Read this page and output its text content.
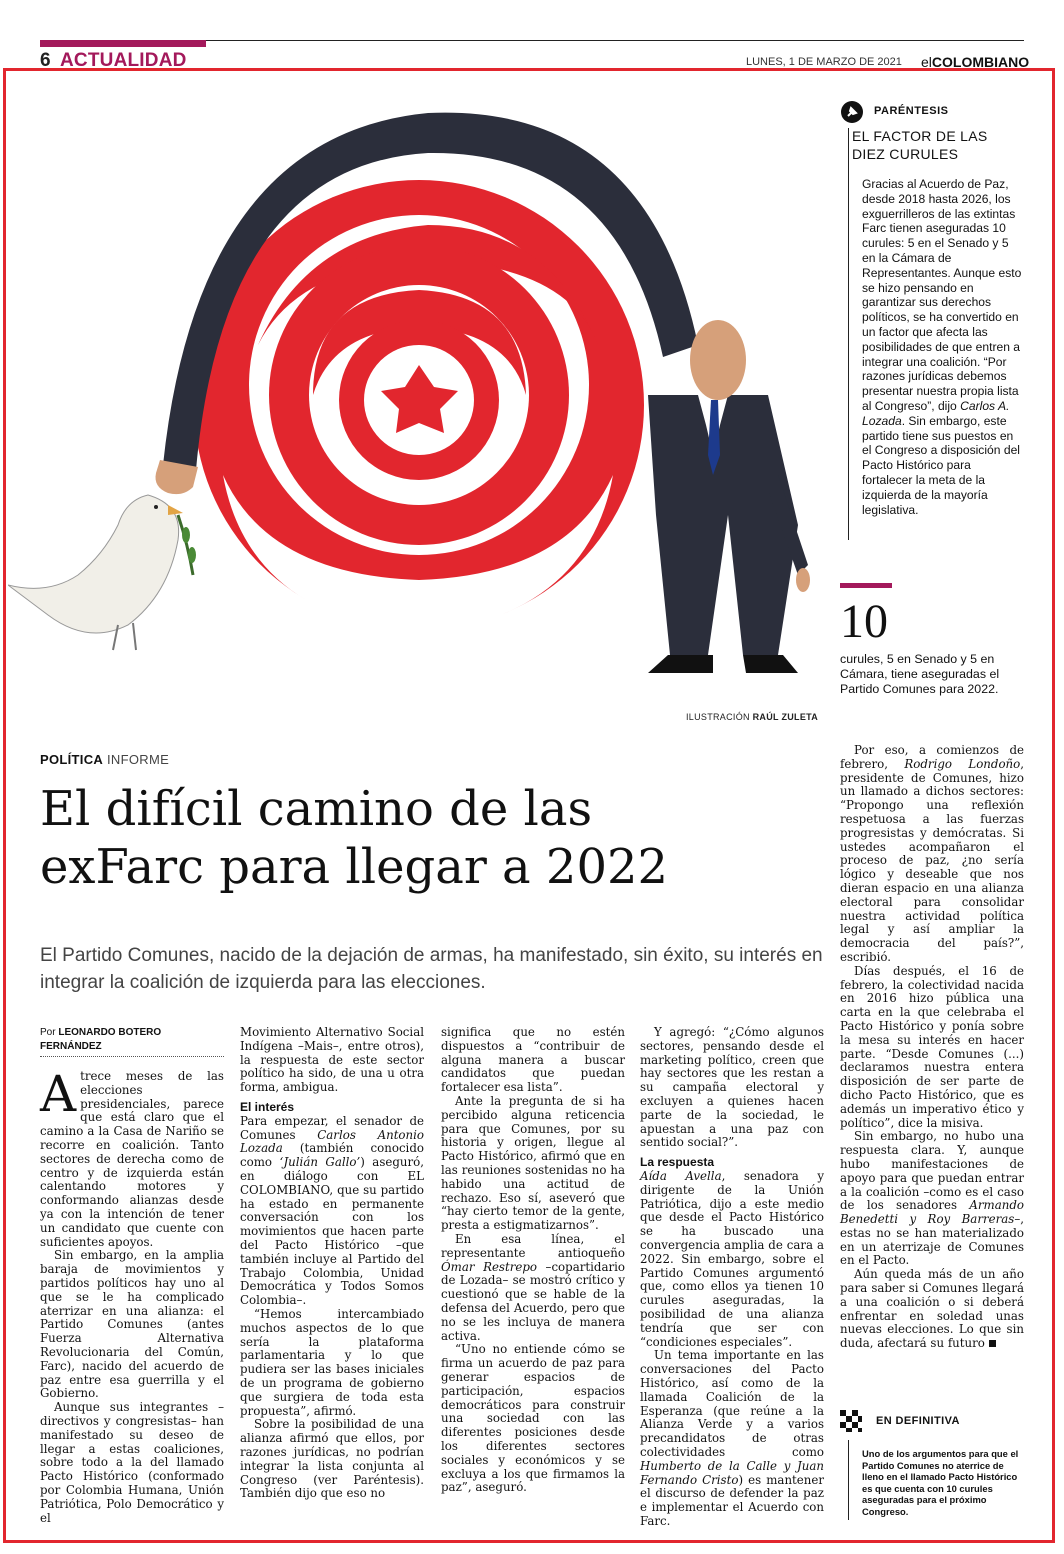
6 ACTUALIDAD	LUNES, 1 DE MARZO DE 2021 elCOLOMBIANO
ILUSTRACIÓN RAÚL ZULETA
PARÉNTESIS
EL FACTOR DE LAS DIEZ CURULES
Gracias al Acuerdo de Paz, desde 2018 hasta 2026, los exguerrilleros de las extintas Farc tienen aseguradas 10 curules: 5 en el Senado y 5 en la Cámara de Representantes. Aunque esto se hizo pensando en garantizar sus derechos políticos, se ha convertido en un factor que afecta las posibilidades de que entren a integrar una coalición. “Por razones jurídicas debemos presentar nuestra propia lista al Congreso”, dijo Carlos A. Lozada. Sin embargo, este partido tiene sus puestos en el Congreso a disposición del Pacto Histórico para fortalecer la meta de la izquierda de la mayoría legislativa.
10
curules, 5 en Senado y 5 en Cámara, tiene aseguradas el Partido Comunes para 2022.
POLÍTICA INFORME
El difícil camino de las
exFarc para llegar a 2022
El Partido Comunes, nacido de la dejación de armas, ha manifestado, sin éxito, su interés en integrar la coalición de izquierda para las elecciones.
Por LEONARDO BOTERO FERNÁNDEZ

Atrece meses de las elecciones presidenciales, parece que está claro que el camino a la Casa de Nariño se recorre en coalición. Tanto sectores de derecha como de centro y de izquierda están calentando motores y conformando alianzas desde ya con la intención de tener un candidato que cuente con suficientes apoyos.

Sin embargo, en la amplia baraja de movimientos y partidos políticos hay uno al que se le ha complicado aterrizar en una alianza: el Partido Comunes (antes Fuerza Alternativa Revolucionaria del Común, Farc), nacido del acuerdo de paz entre esa guerrilla y el Gobierno.

Aunque sus integrantes –directivos y congresistas– han manifestado su deseo de llegar a estas coaliciones, sobre todo a la del llamado Pacto Histórico (conformado por Colombia Humana, Unión Patriótica, Polo Democrático y el

Movimiento Alternativo Social Indígena –Mais–, entre otros), la respuesta de este sector político ha sido, de una u otra forma, ambigua.

El interés

Para empezar, el senador de Comunes Carlos Antonio Lozada (también conocido como ‘Julián Gallo’) aseguró, en diálogo con EL COLOMBIANO, que su partido ha estado en permanente conversación con los movimientos que hacen parte del Pacto Histórico –que también incluye al Partido del Trabajo Colombia, Unidad Democrática y Todos Somos Colombia–.

“Hemos intercambiado muchos aspectos de lo que sería la plataforma parlamentaria y lo que pudiera ser las bases iniciales de un programa de gobierno que surgiera de toda esta propuesta”, afirmó.

Sobre la posibilidad de una alianza afirmó que ellos, por razones jurídicas, no podrían integrar la lista conjunta al Congreso (ver Paréntesis). También dijo que eso no

significa que no estén dispuestos a “contribuir de alguna manera a buscar candidatos que puedan fortalecer esa lista”.

Ante la pregunta de si ha percibido alguna reticencia para que Comunes, por su historia y origen, llegue al Pacto Histórico, afirmó que en las reuniones sostenidas no ha habido una actitud de rechazo. Eso sí, aseveró que “hay cierto temor de la gente, presta a estigmatizarnos”.

En esa línea, el representante antioqueño Ómar Restrepo –copartidario de Lozada– se mostró crítico y cuestionó que se hable de la defensa del Acuerdo, pero que no se les incluya de manera activa.

“Uno no entiende cómo se firma un acuerdo de paz para generar espacios de participación, espacios democráticos para construir una sociedad con las diferentes posiciones desde los diferentes sectores sociales y económicos y se excluya a los que firmamos la paz”, aseguró.

Y agregó: “¿Cómo algunos sectores, pensando desde el marketing político, creen que hay sectores que les restan a su campaña electoral y excluyen a quienes hacen parte de la sociedad, le apuestan a una paz con sentido social?”.

La respuesta

Aída Avella, senadora y dirigente de la Unión Patriótica, dijo a este medio que desde el Pacto Histórico se ha buscado una convergencia amplia de cara a 2022. Sin embargo, sobre el Partido Comunes argumentó que, como ellos ya tienen 10 curules aseguradas, la posibilidad de una alianza tendría que ser con “condiciones especiales”.

Un tema importante en las conversaciones del Pacto Histórico, así como de la llamada Coalición de la Esperanza (que reúne a la Alianza Verde y a varios precandidatos de otras colectividades como Humberto de la Calle y Juan Fernando Cristo) es mantener el discurso de defender la paz e implementar el Acuerdo con Farc.

Por eso, a comienzos de febrero, Rodrigo Londoño, presidente de Comunes, hizo un llamado a dichos sectores: “Propongo una reflexión respetuosa a las fuerzas progresistas y demócratas. Si ustedes acompañaron el proceso de paz, ¿no sería lógico y deseable que nos dieran espacio en una alianza electoral para consolidar nuestra actividad política legal y así ampliar la democracia del país?”, escribió.

Días después, el 16 de febrero, la colectividad nacida en 2016 hizo pública una carta en la que celebraba el Pacto Histórico y ponía sobre la mesa su interés en hacer parte. “Desde Comunes (...) declaramos nuestra entera disposición de ser parte de dicho Pacto Histórico, que es además un imperativo ético y político”, dice la misiva.

Sin embargo, no hubo una respuesta clara. Y, aunque hubo manifestaciones de apoyo para que puedan entrar a la coalición –como es el caso de los senadores Armando Benedetti y Roy Barreras–, estas no se han materializado en un aterrizaje de Comunes en el Pacto.

Aún queda más de un año para saber si Comunes llegará a una coalición o si deberá enfrentar en soledad unas nuevas elecciones. Lo que sin duda, afectará su futuro

EN DEFINITIVA
Uno de los argumentos para que el Partido Comunes no aterrice de lleno en el llamado Pacto Histórico es que cuenta con 10 curules aseguradas para el próximo Congreso.
